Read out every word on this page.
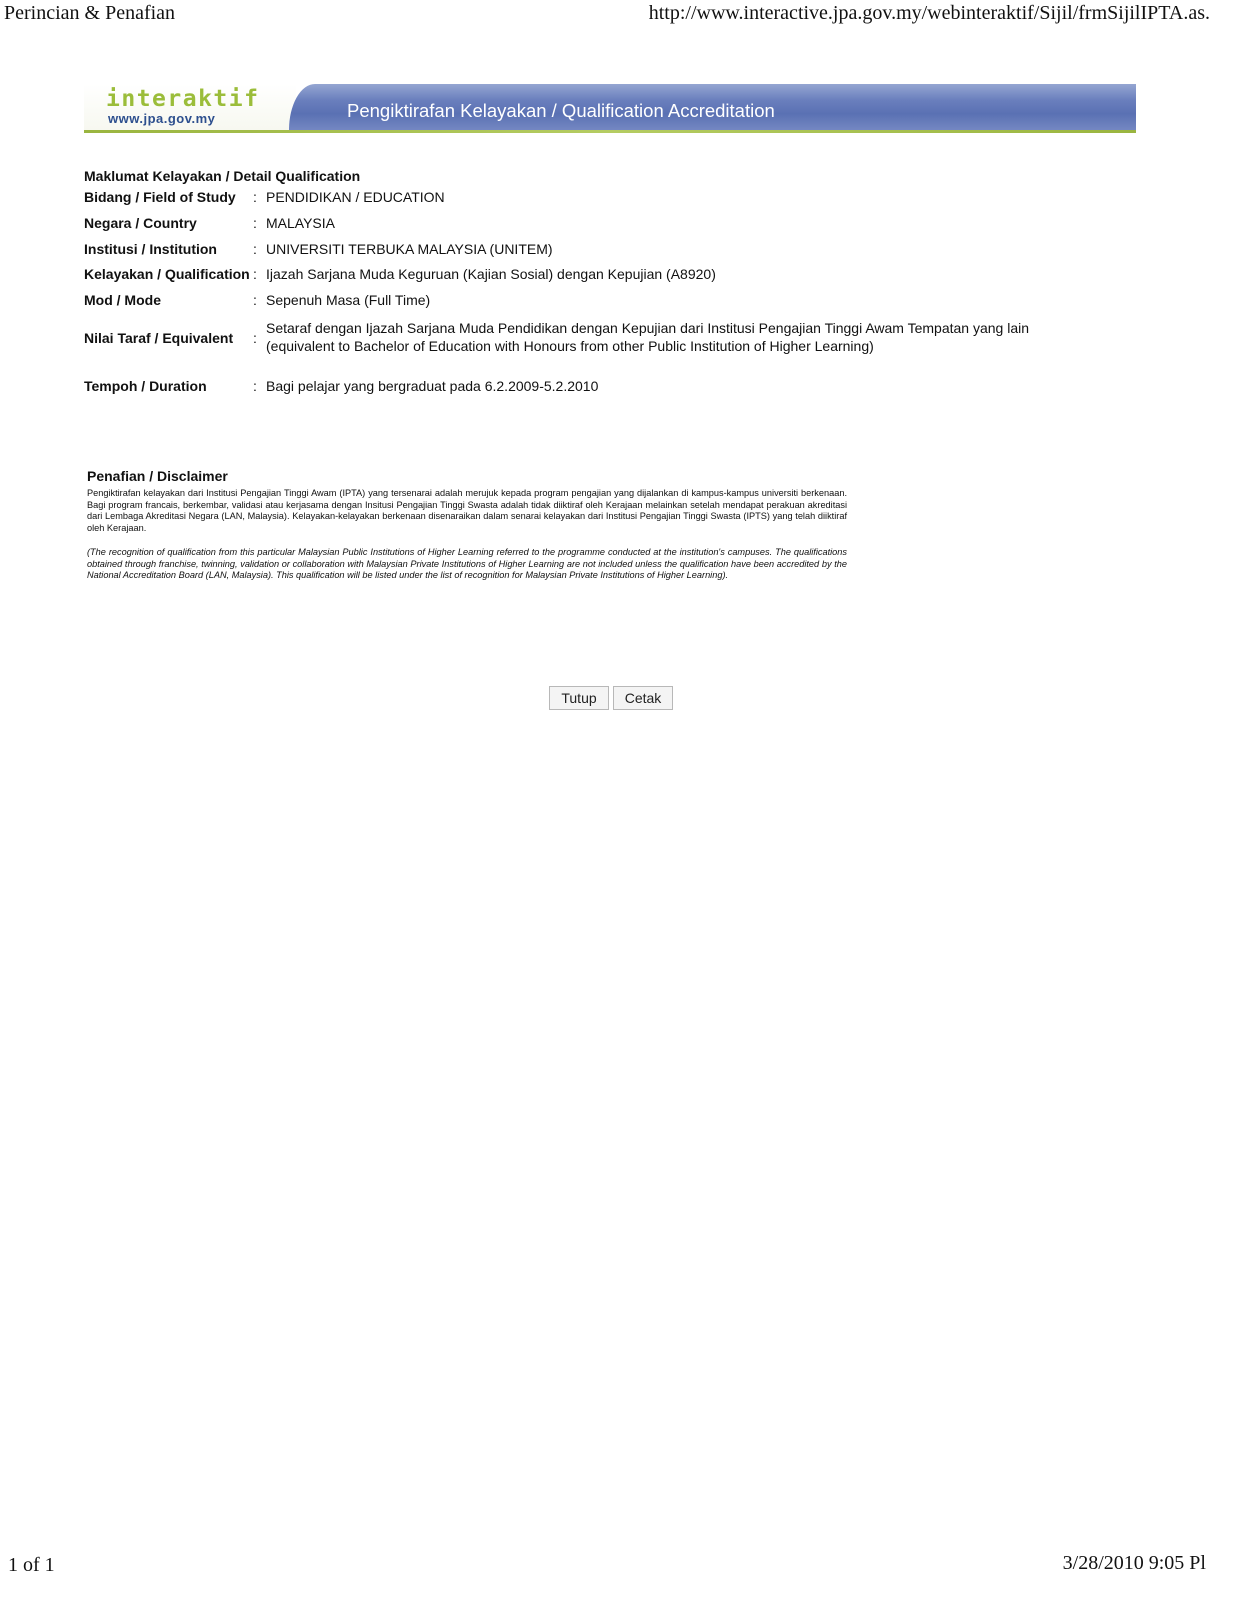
Perincian & Penafian	http://www.interactive.jpa.gov.my/webinteraktif/Sijil/frmSijilIPTA.as.
interaktif
www.jpa.gov.my	Pengiktirafan Kelayakan / Qualification Accreditation
Maklumat Kelayakan / Detail Qualification
Bidang / Field of Study : PENDIDIKAN / EDUCATION
Negara / Country	: MALAYSIA
Institusi / Institution	: UNIVERSITI TERBUKA MALAYSIA (UNITEM)
Kelayakan / Qualification : Ijazah Sarjana Muda Keguruan (Kajian Sosial) dengan Kepujian (A8920)
Mod / Mode	: Sepenuh Masa (Full Time)
Nilai Taraf / Equivalent :
Setaraf dengan Ijazah Sarjana Muda Pendidikan dengan Kepujian dari Institusi Pengajian Tinggi Awam Tempatan yang lain
(equivalent to Bachelor of Education with Honours from other Public Institution of Higher Learning)
Tempoh / Duration	: Bagi pelajar yang bergraduat pada 6.2.2009-5.2.2010
Penafian / Disclaimer
Pengiktirafan kelayakan dari Institusi Pengajian Tinggi Awam (IPTA) yang tersenarai adalah merujuk kepada program pengajian yang dijalankan di kampus-kampus universiti berkenaan. Bagi program francais, berkembar, validasi atau kerjasama dengan Insitusi Pengajian Tinggi Swasta adalah tidak diiktiraf oleh Kerajaan melainkan setelah mendapat perakuan akreditasi dari Lembaga Akreditasi Negara (LAN, Malaysia). Kelayakan-kelayakan berkenaan disenaraikan dalam senarai kelayakan dari Institusi Pengajian Tinggi Swasta (IPTS) yang telah diiktiraf oleh Kerajaan.
(The recognition of qualification from this particular Malaysian Public Institutions of Higher Learning referred to the programme conducted at the institution's campuses. The qualifications obtained through franchise, twinning, validation or collaboration with Malaysian Private Institutions of Higher Learning are not included unless the qualification have been accredited by the National Accreditation Board (LAN, Malaysia). This qualification will be listed under the list of recognition for Malaysian Private Institutions of Higher Learning).
Tutup	Cetak
1 of 1	3/28/2010 9:05 Pl
